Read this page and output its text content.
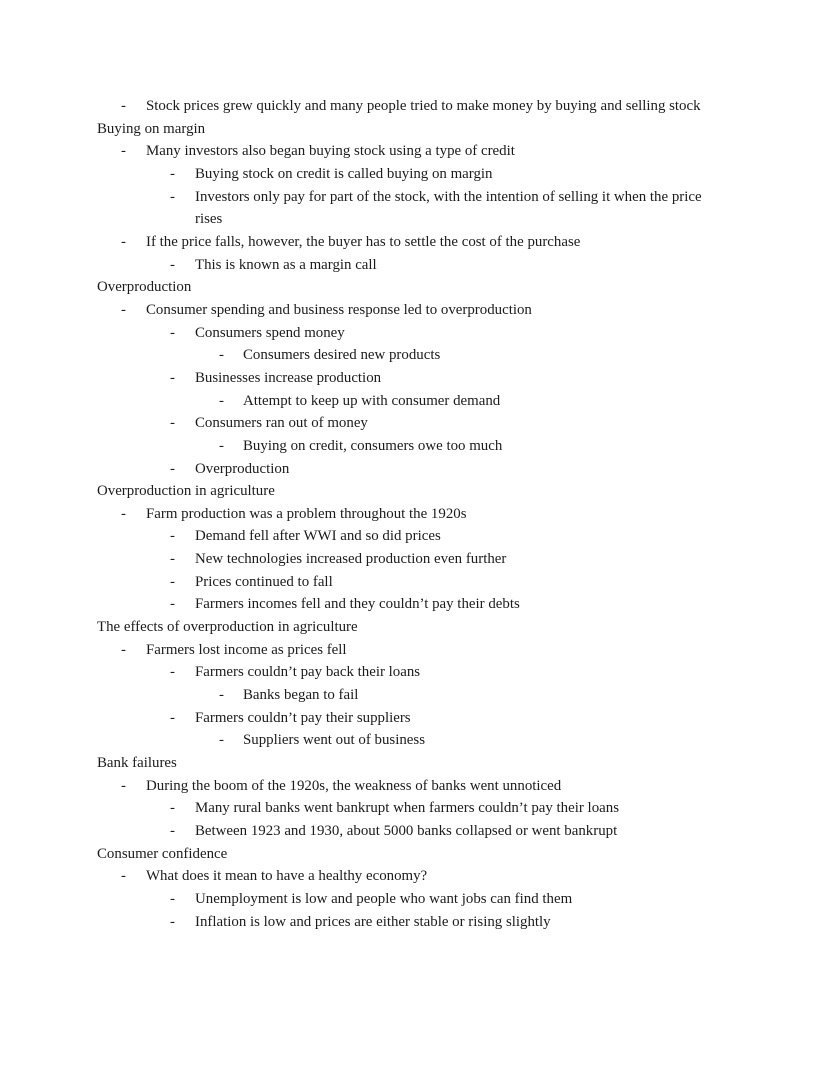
- Stock prices grew quickly and many people tried to make money by buying and selling stock
Buying on margin
- Many investors also began buying stock using a type of credit
- Buying stock on credit is called buying on margin
- Investors only pay for part of the stock, with the intention of selling it when the price rises
- If the price falls, however, the buyer has to settle the cost of the purchase
- This is known as a margin call
Overproduction
- Consumer spending and business response led to overproduction
- Consumers spend money
- Consumers desired new products
- Businesses increase production
- Attempt to keep up with consumer demand
- Consumers ran out of money
- Buying on credit, consumers owe too much
- Overproduction
Overproduction in agriculture
- Farm production was a problem throughout the 1920s
- Demand fell after WWI and so did prices
- New technologies increased production even further
- Prices continued to fall
- Farmers incomes fell and they couldn’t pay their debts
The effects of overproduction in agriculture
- Farmers lost income as prices fell
- Farmers couldn’t pay back their loans
- Banks began to fail
- Farmers couldn’t pay their suppliers
- Suppliers went out of business
Bank failures
- During the boom of the 1920s, the weakness of banks went unnoticed
- Many rural banks went bankrupt when farmers couldn’t pay their loans
- Between 1923 and 1930, about 5000 banks collapsed or went bankrupt
Consumer confidence
- What does it mean to have a healthy economy?
- Unemployment is low and people who want jobs can find them
- Inflation is low and prices are either stable or rising slightly
